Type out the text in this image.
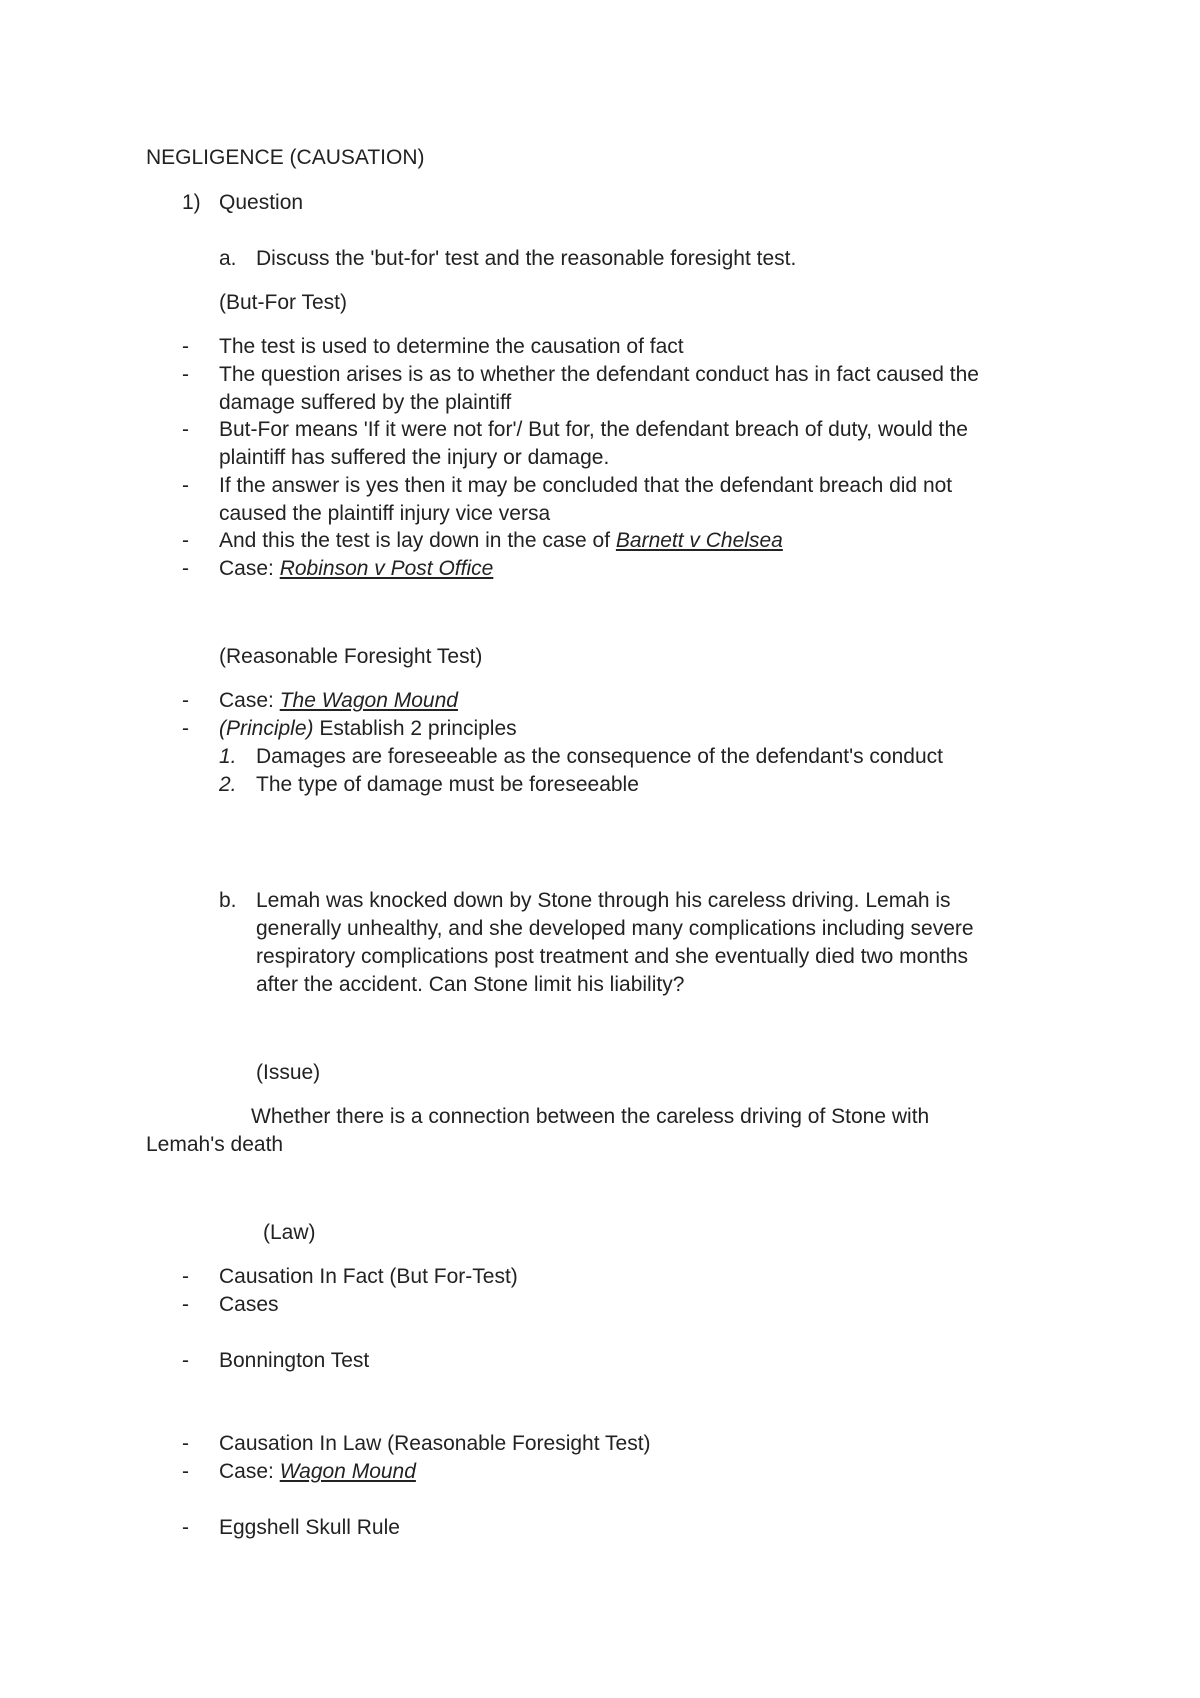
NEGLIGENCE (CAUSATION)
1) Question
a. Discuss the 'but-for' test and the reasonable foresight test.
(But-For Test)
- The test is used to determine the causation of fact
- The question arises is as to whether the defendant conduct has in fact caused the
damage suffered by the plaintiff
- But-For means 'If it were not for'/ But for, the defendant breach of duty, would the
plaintiff has suffered the injury or damage.
- If the answer is yes then it may be concluded that the defendant breach did not
caused the plaintiff injury vice versa
- And this the test is lay down in the case of Barnett v Chelsea
- Case: Robinson v Post Office
(Reasonable Foresight Test)
- Case: The Wagon Mound
- (Principle) Establish 2 principles
1. Damages are foreseeable as the consequence of the defendant's conduct
2. The type of damage must be foreseeable
b. Lemah was knocked down by Stone through his careless driving. Lemah is
generally unhealthy, and she developed many complications including severe
respiratory complications post treatment and she eventually died two months
after the accident. Can Stone limit his liability?
(Issue)
Whether there is a connection between the careless driving of Stone with
Lemah's death
(Law)
- Causation In Fact (But For-Test)
- Cases
- Bonnington Test
- Causation In Law (Reasonable Foresight Test)
- Case: Wagon Mound
- Eggshell Skull Rule
